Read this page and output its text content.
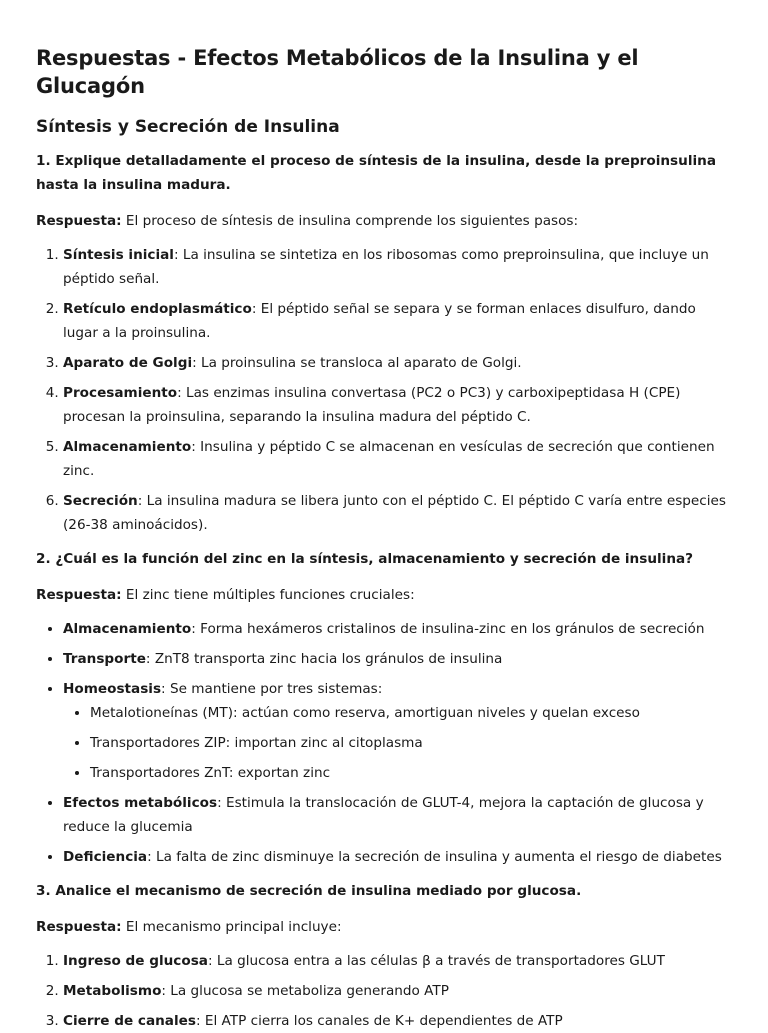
Respuestas - Efectos Metabólicos de la Insulina y el Glucagón
Síntesis y Secreción de Insulina

1. Explique detalladamente el proceso de síntesis de la insulina, desde la preproinsulina hasta la insulina madura.

Respuesta: El proceso de síntesis de insulina comprende los siguientes pasos:

1. Síntesis inicial: La insulina se sintetiza en los ribosomas como preproinsulina, que incluye un péptido señal.
2. Retículo endoplasmático: El péptido señal se separa y se forman enlaces disulfuro, dando lugar a la proinsulina.
3. Aparato de Golgi: La proinsulina se transloca al aparato de Golgi.
4. Procesamiento: Las enzimas insulina convertasa (PC2 o PC3) y carboxipeptidasa H (CPE) procesan la proinsulina, separando la insulina madura del péptido C.
5. Almacenamiento: Insulina y péptido C se almacenan en vesículas de secreción que contienen zinc.
6. Secreción: La insulina madura se libera junto con el péptido C. El péptido C varía entre especies (26-38 aminoácidos).

2. ¿Cuál es la función del zinc en la síntesis, almacenamiento y secreción de insulina?

Respuesta: El zinc tiene múltiples funciones cruciales:

• Almacenamiento: Forma hexámeros cristalinos de insulina-zinc en los gránulos de secreción
• Transporte: ZnT8 transporta zinc hacia los gránulos de insulina
• Homeostasis: Se mantiene por tres sistemas:
• Metalotioneínas (MT): actúan como reserva, amortiguan niveles y quelan exceso
• Transportadores ZIP: importan zinc al citoplasma
• Transportadores ZnT: exportan zinc
• Efectos metabólicos: Estimula la translocación de GLUT-4, mejora la captación de glucosa y reduce la glucemia
• Deficiencia: La falta de zinc disminuye la secreción de insulina y aumenta el riesgo de diabetes

3. Analice el mecanismo de secreción de insulina mediado por glucosa.

Respuesta: El mecanismo principal incluye:

1. Ingreso de glucosa: La glucosa entra a las células β a través de transportadores GLUT
2. Metabolismo: La glucosa se metaboliza generando ATP
3. Cierre de canales: El ATP cierra los canales de K+ dependientes de ATP
